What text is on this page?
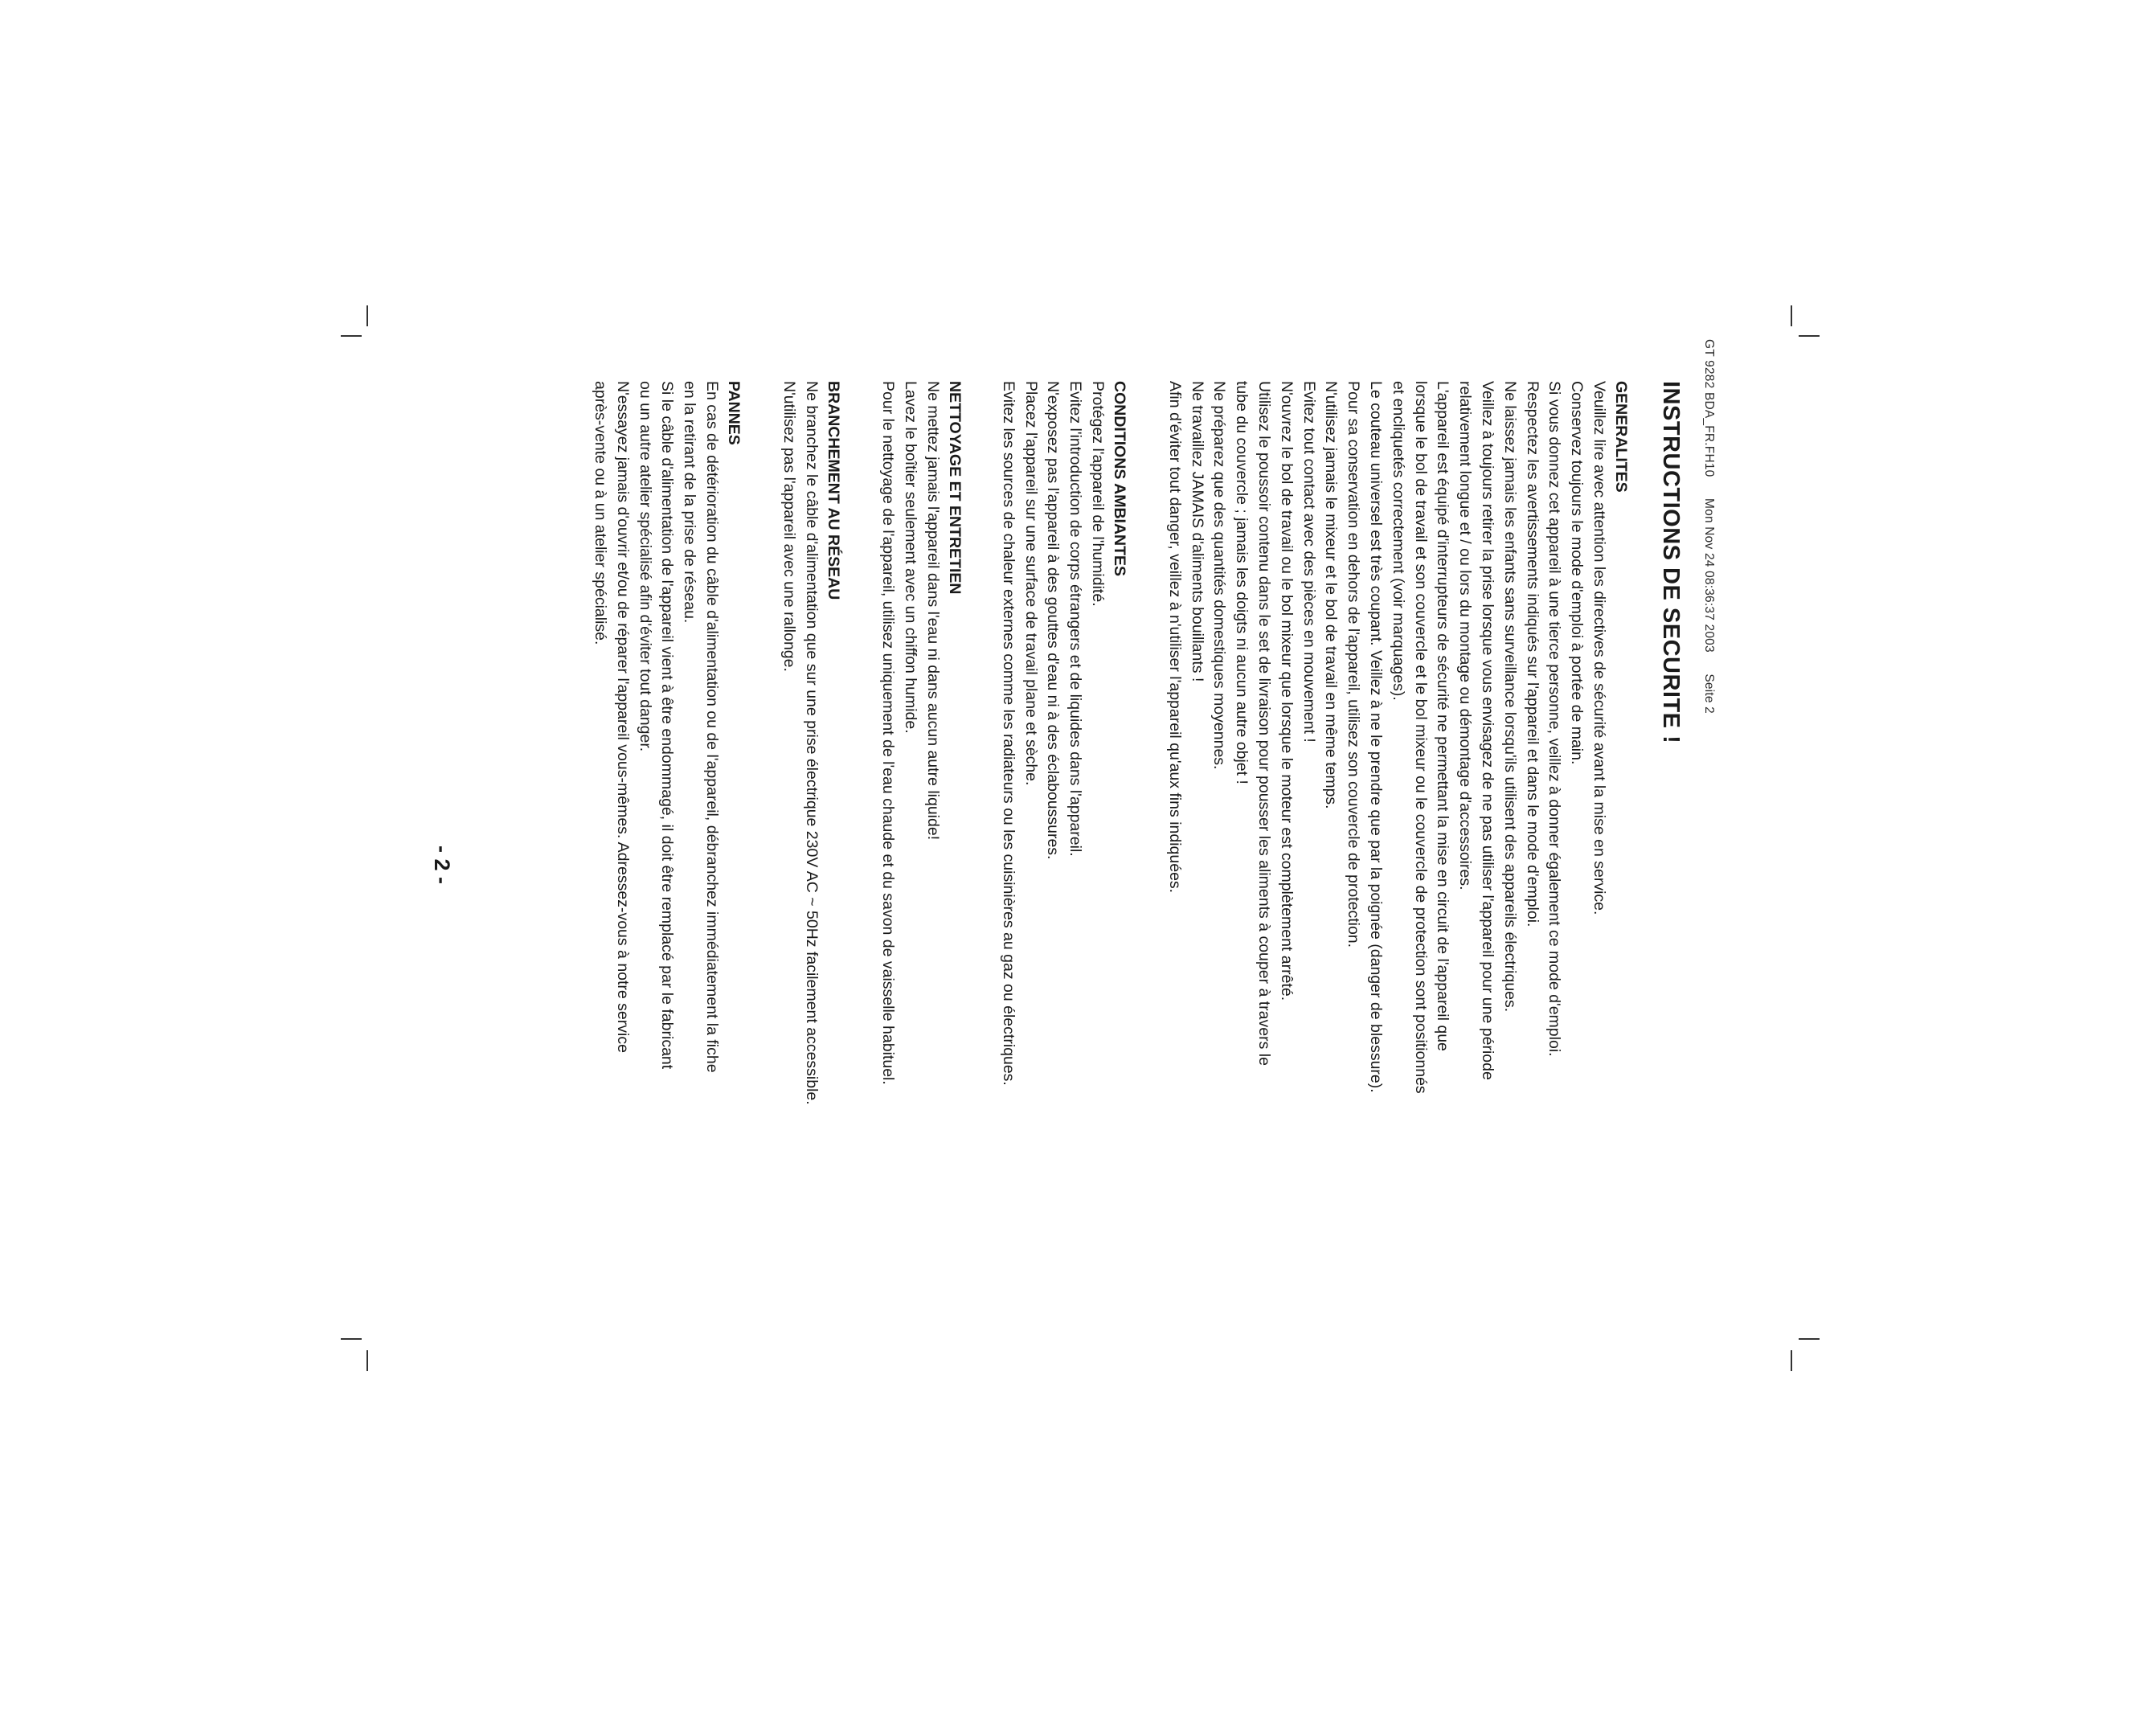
GT 9282 BDA_FR.FH10 Mon Nov 24 08:36:37 2003 Seite 2
INSTRUCTIONS DE SECURITE !
GENERALITES
Veuillez lire avec attention les directives de sécurité avant la mise en service.
Conservez toujours le mode d'emploi à portée de main.
Si vous donnez cet appareil à une tierce personne, veillez à donner également ce mode d'emploi.
Respectez les avertissements indiqués sur l'appareil et dans le mode d'emploi.
Ne laissez jamais les enfants sans surveillance lorsqu'ils utilisent des appareils électriques.
Veillez à toujours retirer la prise lorsque vous envisagez de ne pas utiliser l'appareil pour une période
relativement longue et / ou lors du montage ou démontage d'accessoires.
L'appareil est équipé d'interrupteurs de sécurité ne permettant la mise en circuit de l'appareil que
lorsque le bol de travail et son couvercle et le bol mixeur ou le couvercle de protection sont positionnés
et encliquetés correctement (voir marquages).
Le couteau universel est très coupant. Veillez à ne le prendre que par la poignée (danger de blessure).
Pour sa conservation en dehors de l'appareil, utilisez son couvercle de protection.
N'utilisez jamais le mixeur et le bol de travail en même temps.
Evitez tout contact avec des pièces en mouvement !
N'ouvrez le bol de travail ou le bol mixeur que lorsque le moteur est complètement arrêté.
Utilisez le poussoir contenu dans le set de livraison pour pousser les aliments à couper à travers le
tube du couvercle ; jamais les doigts ni aucun autre objet !
Ne préparez que des quantités domestiques moyennes.
Ne travaillez JAMAIS d'aliments bouillants !
Afin d'éviter tout danger, veillez à n'utiliser l'appareil qu'aux fins indiquées.
CONDITIONS AMBIANTES
Protégez l'appareil de l'humidité.
Evitez l'introduction de corps étrangers et de liquides dans l'appareil.
N'exposez pas l'appareil à des gouttes d'eau ni à des éclaboussures.
Placez l'appareil sur une surface de travail plane et sèche.
Evitez les sources de chaleur externes comme les radiateurs ou les cuisinières au gaz ou électriques.
NETTOYAGE ET ENTRETIEN
Ne mettez jamais l'appareil dans l'eau ni dans aucun autre liquide!
Lavez le boîtier seulement avec un chiffon humide.
Pour le nettoyage de l'appareil, utilisez uniquement de l'eau chaude et du savon de vaisselle habituel.
BRANCHEMENT AU RÉSEAU
Ne branchez le câble d'alimentation que sur une prise électrique 230V AC ~ 50Hz facilement accessible.
N'utilisez pas l'appareil avec une rallonge.
PANNES
En cas de détérioration du câble d'alimentation ou de l'appareil, débranchez immédiatement la fiche
en la retirant de la prise de réseau.
Si le câble d'alimentation de l'appareil vient à être endommagé, il doit être remplacé par le fabricant
ou un autre atelier spécialisé afin d'éviter tout danger.
N'essayez jamais d'ouvrir et/ou de réparer l'appareil vous-mêmes. Adressez-vous à notre service
après-vente ou à un atelier spécialisé.
- 2 -
